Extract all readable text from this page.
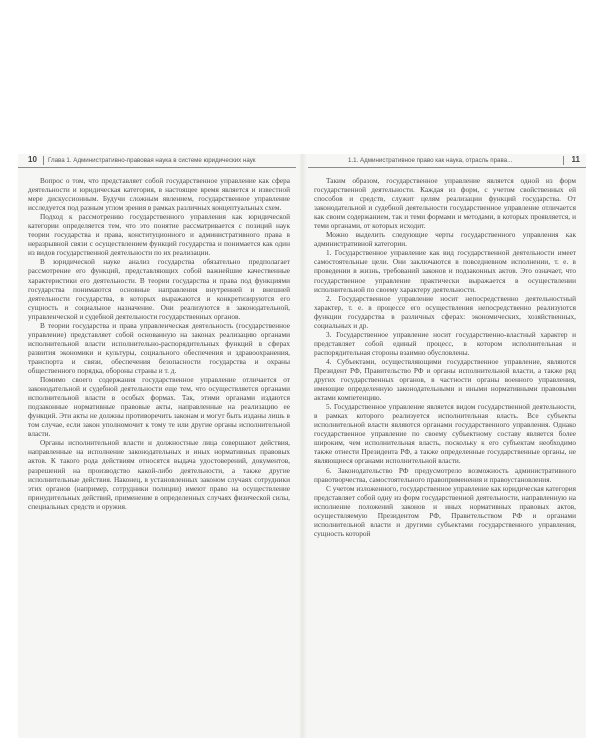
10 Глава 1. Административно-правовая наука в системе юридических наук

Вопрос о том, что представляет собой государственное управление как сфера деятельности и юридическая категория, в настоящее время является и известной мере дискуссионным. Будучи сложным явлением, государственное управление исследуется под разным углом зрения в рамках различных концептуальных схем.

Подход к рассмотрению государственного управления как юридической категории определяется тем, что это понятие рассматривается с позиций наук теории государства и права, конституционного и административного права в неразрывной связи с осуществлением функций государства и понимается как один из видов государственной деятельности по их реализации.

В юридической науке анализ государства обязательно предполагает рассмотрение его функций, представляющих собой важнейшие качественные характеристики его деятельности. В теории государства и права под функциями государства понимаются основные направления внутренней и внешней деятельности государства, в которых выражаются и конкретизируются его сущность и социальное назначение. Они реализуются в законодательной, управленческой и судебной деятельности государственных органов.

В теории государства и права управленческая деятельность (государственное управление) представляет собой основанную на законах реализацию органами исполнительной власти исполнительно-распорядительных функций в сферах развития экономики и культуры, социального обеспечения и здравоохранения, транспорта и связи, обеспечения безопасности государства и охраны общественного порядка, обороны страны и т. д.

Помимо своего содержания государственное управление отличается от законодательной и судебной деятельности еще тем, что осуществляется органами исполнительной власти в особых формах. Так, этими органами издаются подзаконные нормативные правовые акты, направленные на реализацию ее функций. Эти акты не должны противоречить законам и могут быть изданы лишь в том случае, если закон уполномочит к тому те или другие органы исполнительной власти.

Органы исполнительной власти и должностные лица совершают действия, направленные на исполнение законодательных и иных нормативных правовых актов. К такого рода действиям относятся выдача удостоверений, документов, разрешений на производство какой-либо деятельности, а также другие исполнительные действия. Наконец, в установленных законом случаях сотрудники этих органов (например, сотрудники полиции) имеют право на осуществление принудительных действий, применение в определенных случаях физической силы, специальных средств и оружия.

1.1. Административное право как наука, отрасль права...	11

Таким образом, государственное управление является одной из форм государственной деятельности. Каждая из форм, с учетом свойственных ей способов и средств, служит целям реализации функций государства. От законодательной и судебной деятельности государственное управление отличается как своим содержанием, так и теми формами и методами, в которых проявляется, и теми органами, от которых исходит.

Можно выделить следующие черты государственного управления как административной категории.

1. Государственное управление как вид государственной деятельности имеет самостоятельные цели. Они заключаются в повседневном исполнении, т. е. в проведении в жизнь, требований законов и подзаконных актов. Это означает, что государственное управление практически выражается в осуществлении исполнительной по своему характеру деятельности.

2. Государственное управление носит непосредственно деятельностный характер, т. е. в процессе его осуществления непосредственно реализуются функции государства в различных сферах: экономических, хозяйственных, социальных и др.

3. Государственное управление носит государственно-властный характер и представляет собой единый процесс, в котором исполнительная и распорядительная стороны взаимно обусловлены.

4. Субъектами, осуществляющими государственное управление, являются Президент РФ, Правительство РФ и органы исполнительной власти, а также ряд других государственных органов, в частности органы военного управления, имеющие определенную законодательными и иными нормативными правовыми актами компетенцию.

5. Государственное управление является видом государственной деятельности, в рамках которого реализуется исполнительная власть. Все субъекты исполнительной власти являются органами государственного управления. Однако государственное управление по своему субъектному составу является более широким, чем исполнительная власть, поскольку к его субъектам необходимо также отнести Президента РФ, а также определенные государственные органы, не являющиеся органами исполнительной власти.

6. Законодательство РФ предусмотрело возможность административного правотворчества, самостоятельного правоприменения и правоустановления.

С учетом изложенного, государственное управление как юридическая категория представляет собой одну из форм государственной деятельности, направленную на исполнение положений законов и иных нормативных правовых актов, осуществляемую Президентом РФ, Правительством РФ и органами исполнительной власти и другими субъектами государственного управления, сущность которой
